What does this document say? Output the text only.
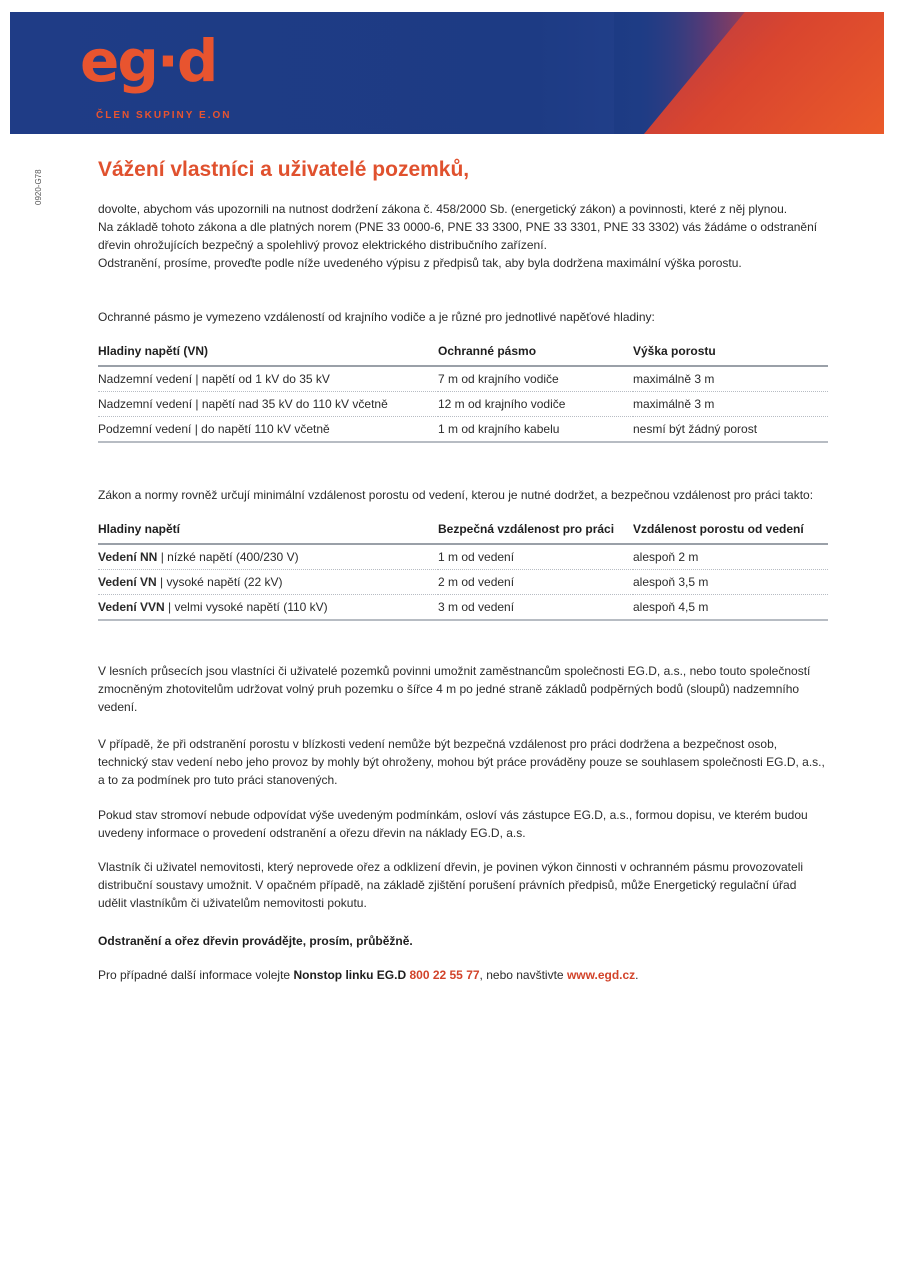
eg·d
ČLEN SKUPINY E.ON
0920-G78	Vážení vlastníci a uživatelé pozemků,

dovolte, abychom vás upozornili na nutnost dodržení zákona č. 458/2000 Sb. (energetický zákon) a povinnosti, které z něj plynou.

Na základě tohoto zákona a dle platných norem (PNE 33 0000-6, PNE 33 3300, PNE 33 3301, PNE 33 3302) vás žádáme o odstranění dřevin ohrožujících bezpečný a spolehlivý provoz elektrického distribučního zařízení.

Odstranění, prosíme, proveďte podle níže uvedeného výpisu z předpisů tak, aby byla dodržena maximální výška porostu.

Ochranné pásmo je vymezeno vzdáleností od krajního vodiče a je různé pro jednotlivé napěťové hladiny:
Hladiny napětí (VN)	Ochranné pásmo	Výška porostu
Nadzemní vedení | napětí od 1 kV do 35 kV	7 m od krajního vodiče	maximálně 3 m
Nadzemní vedení | napětí nad 35 kV do 110 kV včetně	12 m od krajního vodiče	maximálně 3 m
Podzemní vedení | do napětí 110 kV včetně	1 m od krajního kabelu	nesmí být žádný porost
Zákon a normy rovněž určují minimální vzdálenost porostu od vedení, kterou je nutné dodržet, a bezpečnou vzdálenost pro práci takto:
Hladiny napětí	Bezpečná vzdálenost pro práci	Vzdálenost porostu od vedení
Vedení NN | nízké napětí (400/230 V)	1 m od vedení	alespoň 2 m
Vedení VN | vysoké napětí (22 kV)	2 m od vedení	alespoň 3,5 m
Vedení VVN | velmi vysoké napětí (110 kV)	3 m od vedení	alespoň 4,5 m
V lesních průsecích jsou vlastníci či uživatelé pozemků povinni umožnit zaměstnancům společnosti EG.D, a.s., nebo touto společností zmocněným zhotovitelům udržovat volný pruh pozemku o šířce 4 m po jedné straně základů podpěrných bodů (sloupů) nadzemního vedení.
V případě, že při odstranění porostu v blízkosti vedení nemůže být bezpečná vzdálenost pro práci dodržena a bezpečnost osob, technický stav vedení nebo jeho provoz by mohly být ohroženy, mohou být práce prováděny pouze se souhlasem společnosti EG.D, a.s., a to za podmínek pro tuto práci stanovených.
Pokud stav stromoví nebude odpovídat výše uvedeným podmínkám, osloví vás zástupce EG.D, a.s., formou dopisu, ve kterém budou uvedeny informace o provedení odstranění a ořezu dřevin na náklady EG.D, a.s.
Vlastník či uživatel nemovitosti, který neprovede ořez a odklizení dřevin, je povinen výkon činnosti v ochranném pásmu provozovateli distribuční soustavy umožnit. V opačném případě, na základě zjištění porušení právních předpisů, může Energetický regulační úřad udělit vlastníkům či uživatelům nemovitosti pokutu.
Odstranění a ořez dřevin provádějte, prosím, průběžně.
Pro případné další informace volejte Nonstop linku EG.D 800 22 55 77, nebo navštivte www.egd.cz.
